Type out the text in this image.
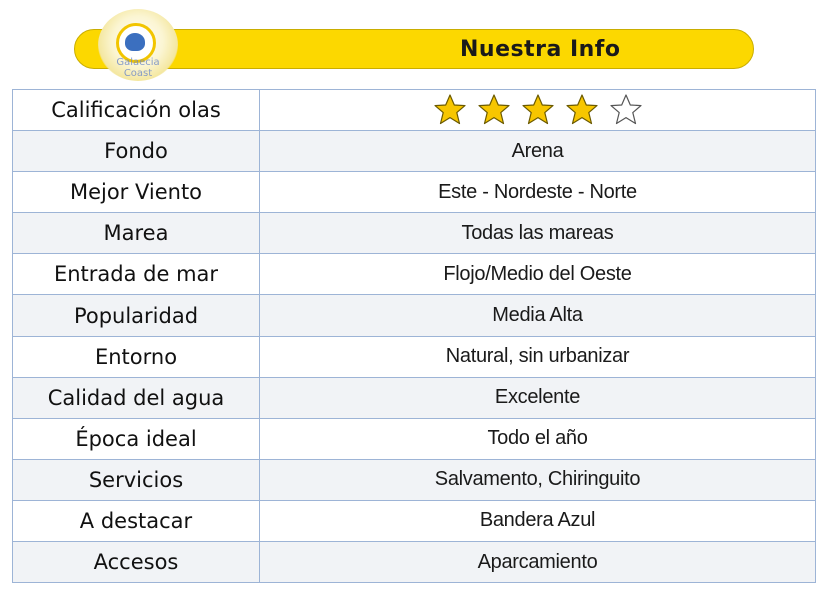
Galaecia Coast
Nuestra Info
Calificación olas	
Fondo	Arena
Mejor Viento	Este - Nordeste - Norte
Marea	Todas las mareas
Entrada de mar	Flojo/Medio del Oeste
Popularidad	Media Alta
Entorno	Natural, sin urbanizar
Calidad del agua	Excelente
Época ideal	Todo el año
Servicios	Salvamento, Chiringuito
A destacar	Bandera Azul
Accesos	Aparcamiento
